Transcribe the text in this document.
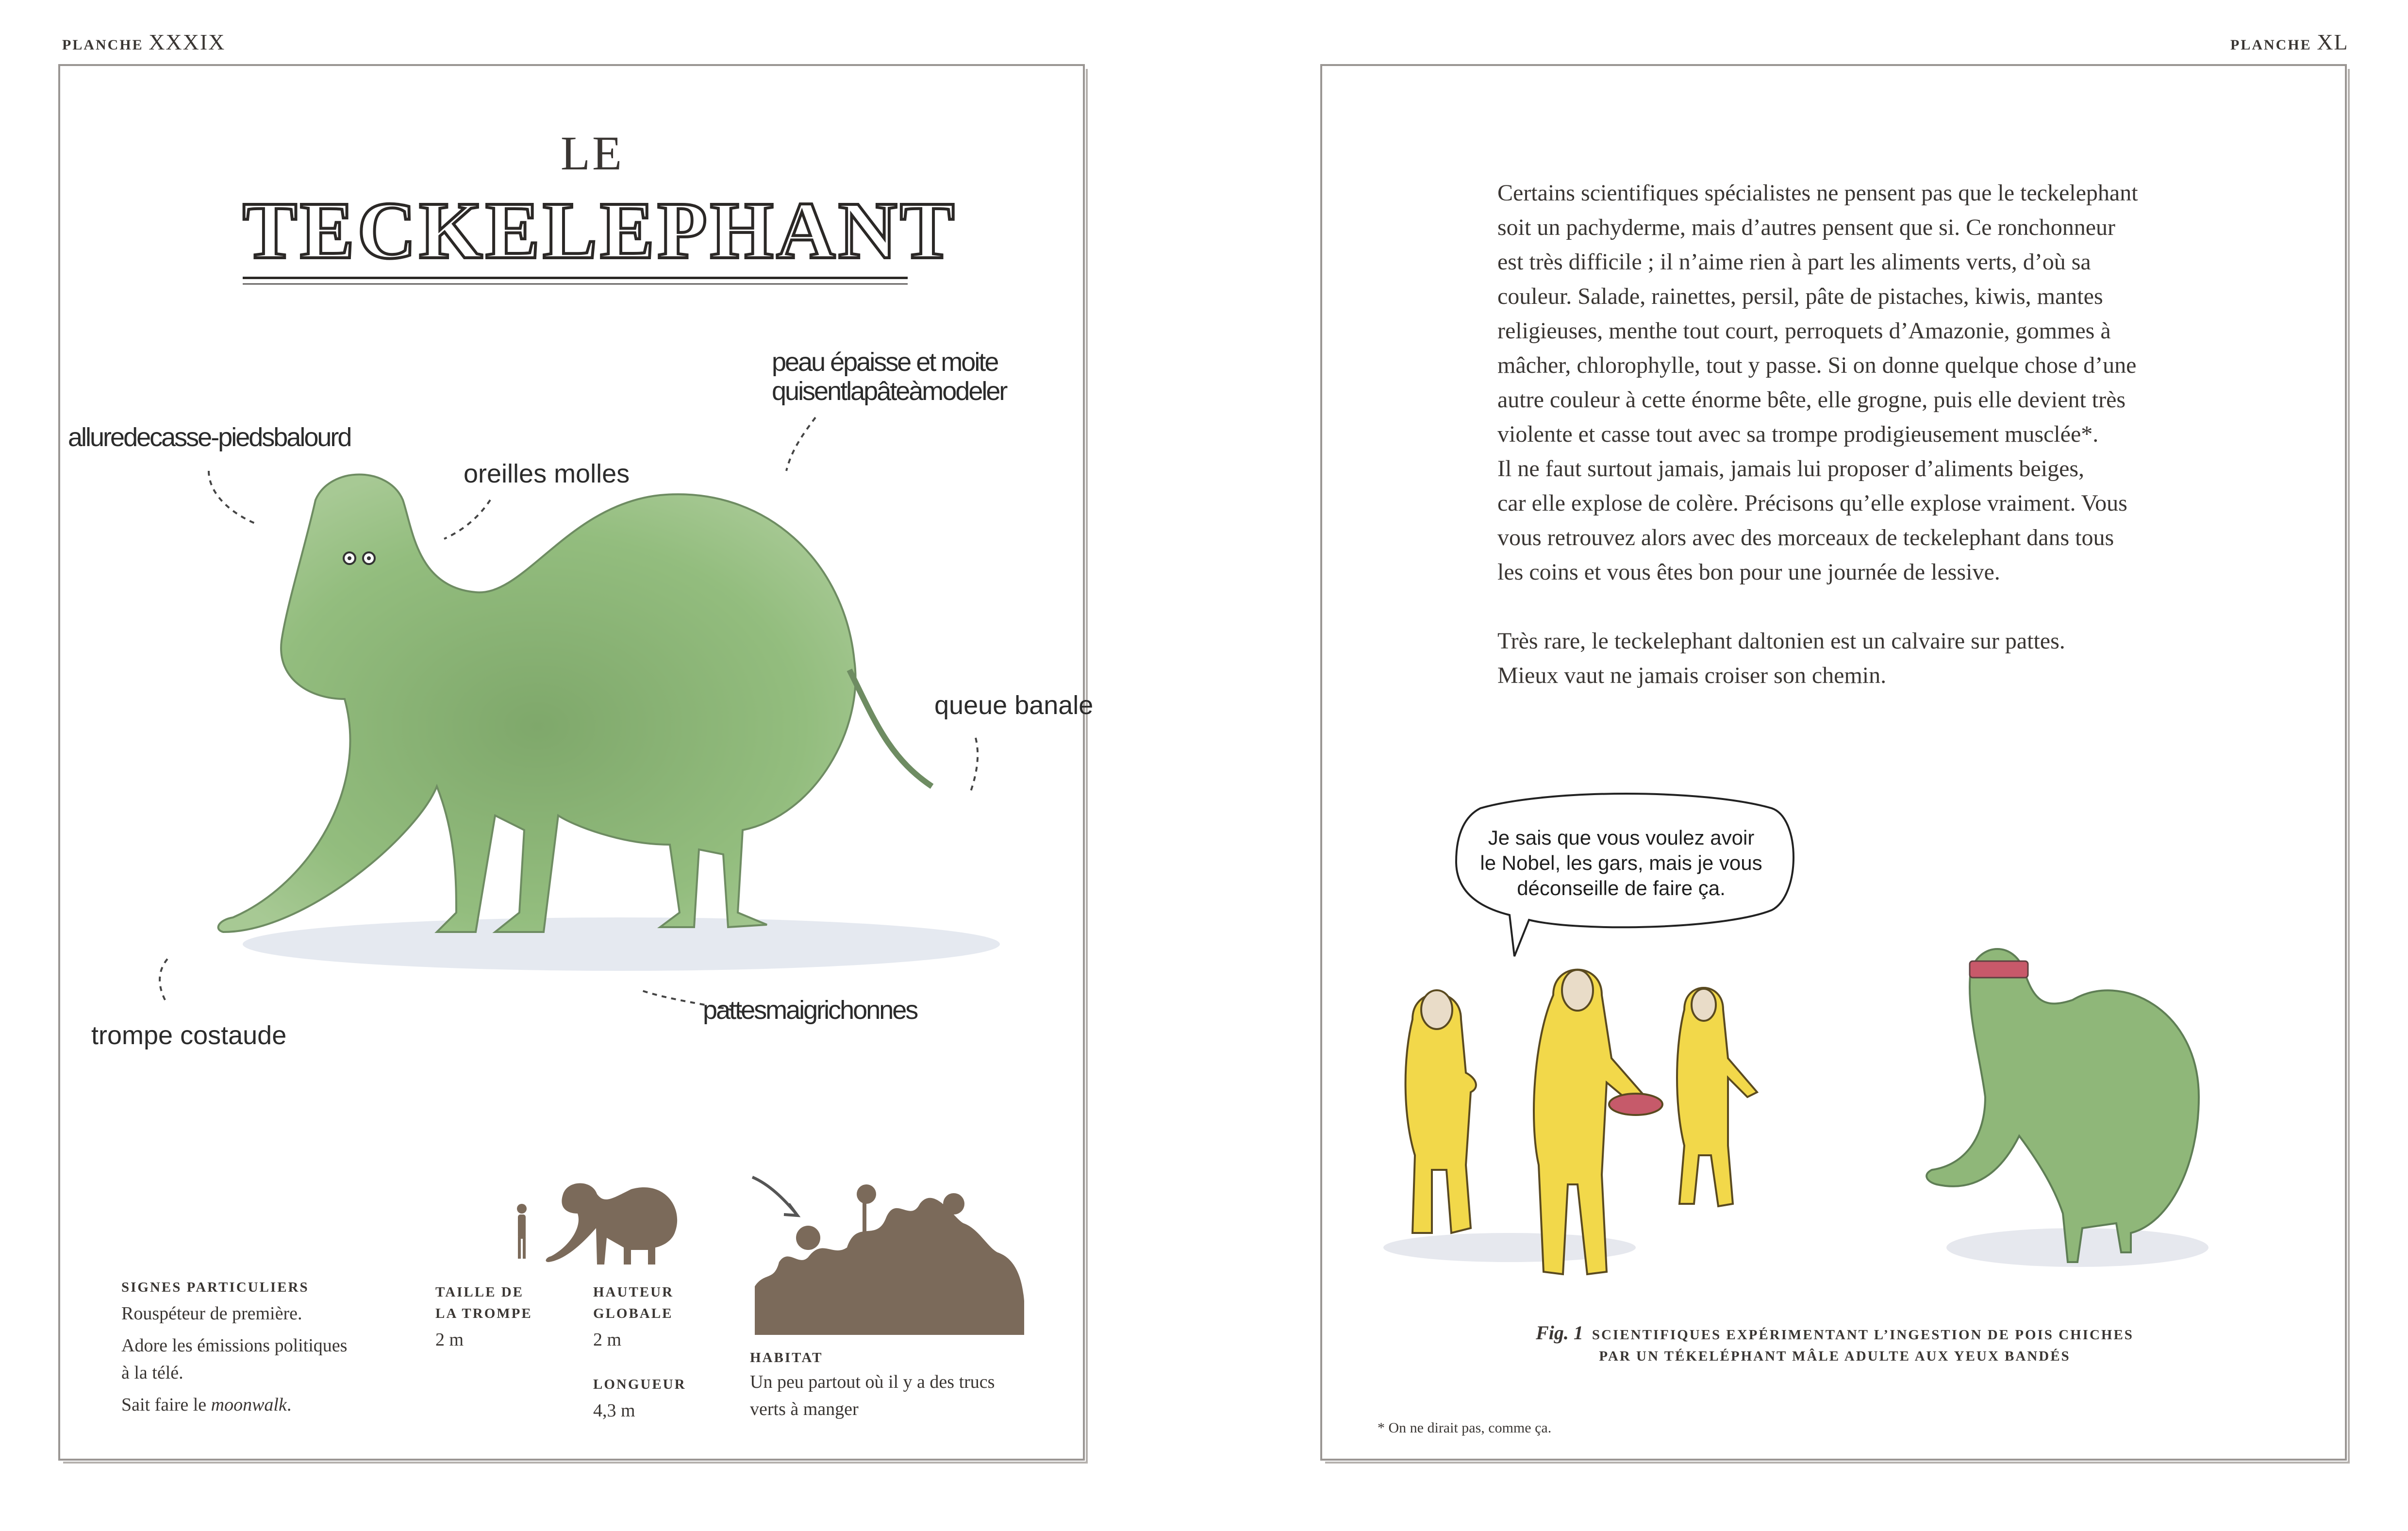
PLANCHE XXXIX
LE
TECKELEPHANT
alluredecasse-piedsbalourd
oreilles molles
peau épaisse et moite
quisentlapâteàmodeler
queue banale
pattesmaigrichonnes
trompe costaude
SIGNES PARTICULIERS
Rouspéteur de première.
Adore les émissions politiques
à la télé.
Sait faire le moonwalk.
TAILLE DE
LA TROMPE
2 m
HAUTEUR
GLOBALE
2 m
LONGUEUR
4,3 m
HABITAT
Un peu partout où il y a des trucs
verts à manger
PLANCHE XL
Certains scientifiques spécialistes ne pensent pas que le teckelephant
soit un pachyderme, mais d’autres pensent que si. Ce ronchonneur
est très difficile ; il n’aime rien à part les aliments verts, d’où sa
couleur. Salade, rainettes, persil, pâte de pistaches, kiwis, mantes
religieuses, menthe tout court, perroquets d’Amazonie, gommes à
mâcher, chlorophylle, tout y passe. Si on donne quelque chose d’une
autre couleur à cette énorme bête, elle grogne, puis elle devient très
violente et casse tout avec sa trompe prodigieusement musclée*.
Il ne faut surtout jamais, jamais lui proposer d’aliments beiges,
car elle explose de colère. Précisons qu’elle explose vraiment. Vous
vous retrouvez alors avec des morceaux de teckelephant dans tous
les coins et vous êtes bon pour une journée de lessive.
Très rare, le teckelephant daltonien est un calvaire sur pattes.
Mieux vaut ne jamais croiser son chemin.
Je sais que vous voulez avoir
le Nobel, les gars, mais je vous
déconseille de faire ça.
Fig. 1 SCIENTIFIQUES EXPÉRIMENTANT L’INGESTION DE POIS CHICHES
PAR UN TÉKELÉPHANT MÂLE ADULTE AUX YEUX BANDÉS
* On ne dirait pas, comme ça.
